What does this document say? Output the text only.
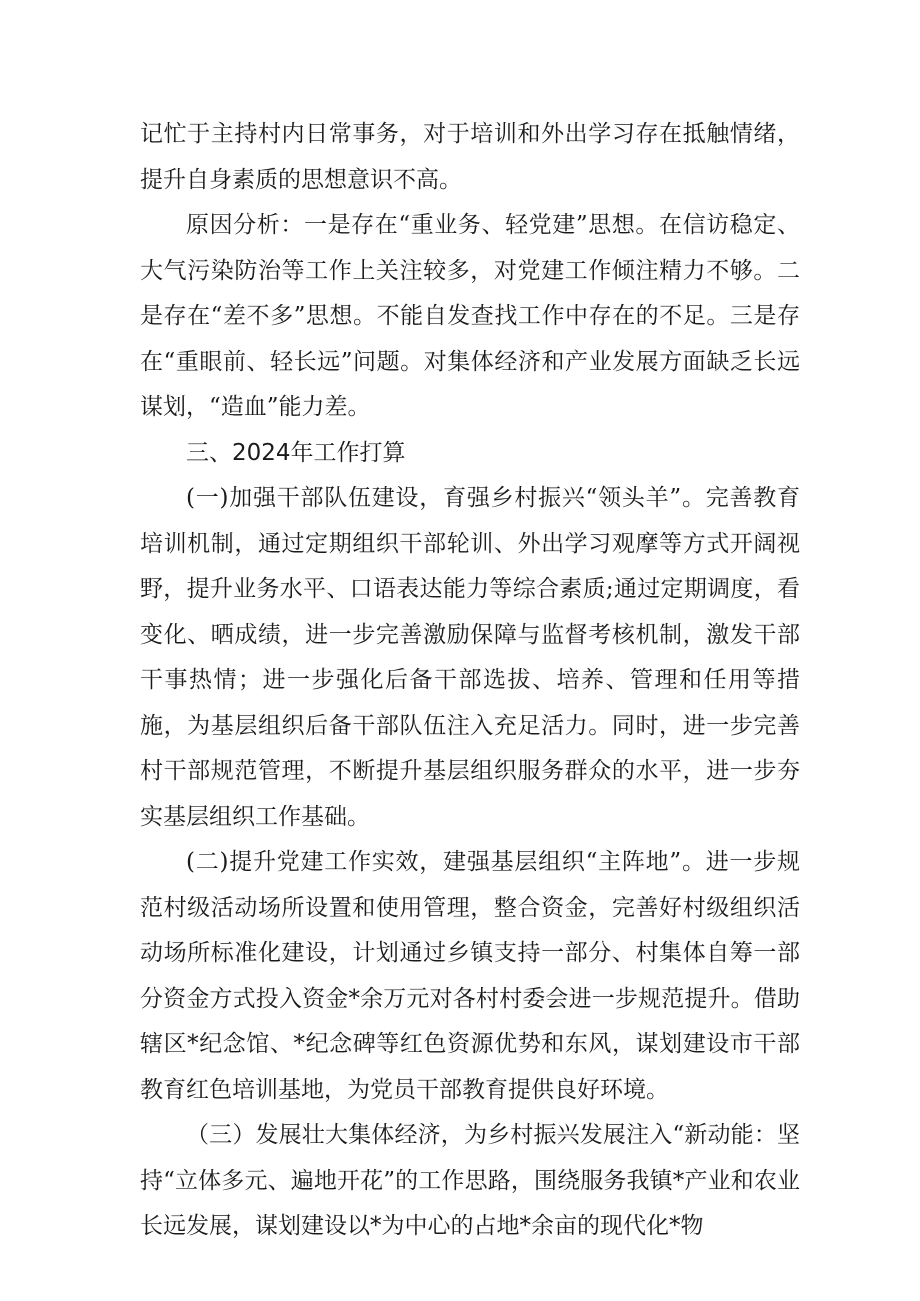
记忙于主持村内日常事务，对于培训和外出学习存在抵触情绪，提升自身素质的思想意识不高。

原因分析：一是存在“重业务、轻党建”思想。在信访稳定、大气污染防治等工作上关注较多，对党建工作倾注精力不够。二是存在“差不多”思想。不能自发查找工作中存在的不足。三是存在“重眼前、轻长远”问题。对集体经济和产业发展方面缺乏长远谋划，“造血”能力差。

三、2024年工作打算

(一)加强干部队伍建设，育强乡村振兴“领头羊”。完善教育培训机制，通过定期组织干部轮训、外出学习观摩等方式开阔视野，提升业务水平、口语表达能力等综合素质;通过定期调度，看变化、晒成绩，进一步完善激励保障与监督考核机制，激发干部干事热情；进一步强化后备干部选拔、培养、管理和任用等措施，为基层组织后备干部队伍注入充足活力。同时，进一步完善村干部规范管理，不断提升基层组织服务群众的水平，进一步夯实基层组织工作基础。

(二)提升党建工作实效，建强基层组织“主阵地”。进一步规范村级活动场所设置和使用管理，整合资金，完善好村级组织活动场所标准化建设，计划通过乡镇支持一部分、村集体自筹一部分资金方式投入资金*余万元对各村村委会进一步规范提升。借助辖区*纪念馆、*纪念碑等红色资源优势和东风，谋划建设市干部教育红色培训基地，为党员干部教育提供良好环境。

（三）发展壮大集体经济，为乡村振兴发展注入“新动能：坚持“立体多元、遍地开花”的工作思路，围绕服务我镇*产业和农业长远发展，谋划建设以*为中心的占地*余亩的现代化*物
